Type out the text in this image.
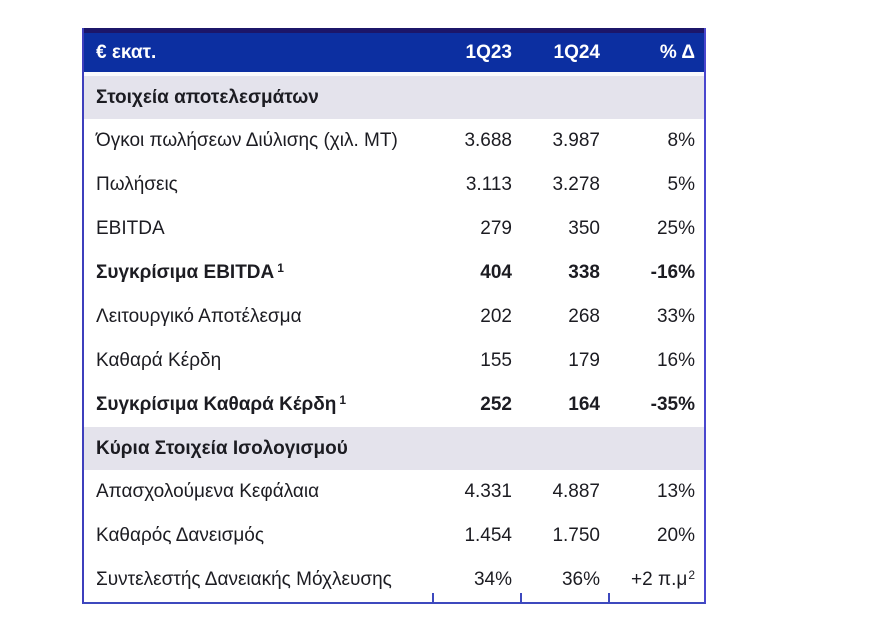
€ εκατ.	1Q23	1Q24	% Δ
Στοιχεία αποτελεσμάτων
Όγκοι πωλήσεων Διύλισης (χιλ. ΜΤ)	3.688	3.987	8%
Πωλήσεις	3.113	3.278	5%
EBITDA	279	350	25%
Συγκρίσιμα EBITDA $^1$	404	338	-16%
Λειτουργικό Αποτέλεσμα	202	268	33%
Καθαρά Κέρδη	155	179	16%
Συγκρίσιμα Καθαρά Κέρδη $^1$	252	164	-35%
Κύρια Στοιχεία Ισολογισμού
Απασχολούμενα Κεφάλαια	4.331	4.887	13%
Καθαρός Δανεισμός	1.454	1.750	20%
Συντελεστής Δανειακής Μόχλευσης	34%	36%	+2 $\pi.\mu^2$
